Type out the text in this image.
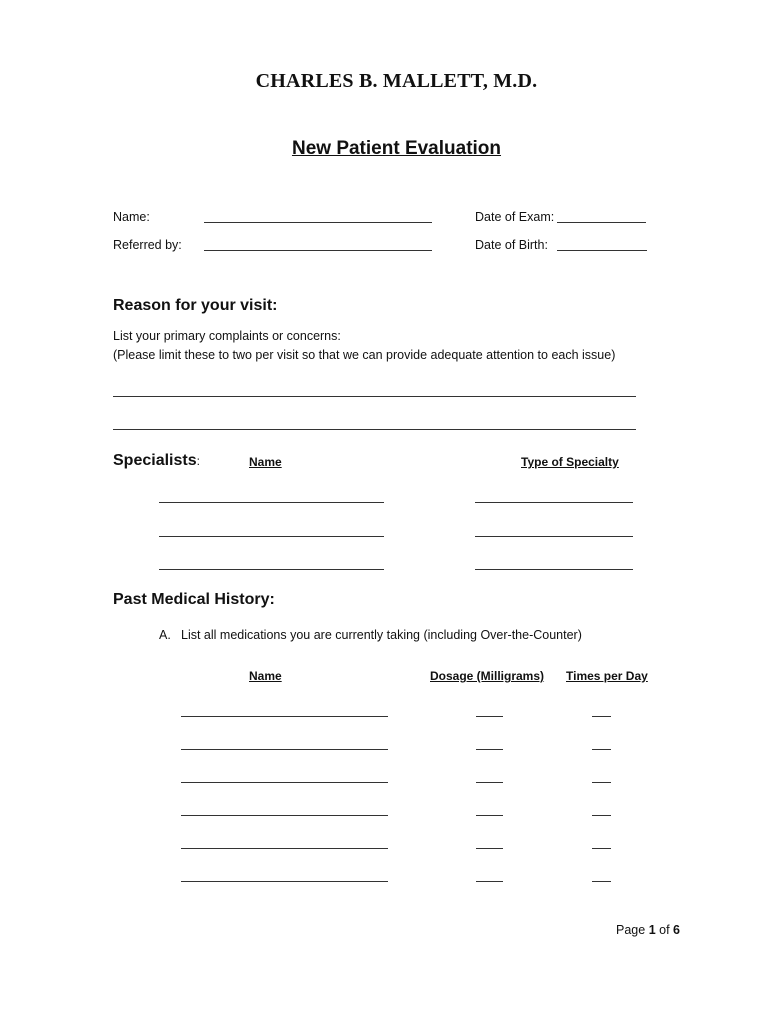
CHARLES B. MALLETT, M.D.
New Patient Evaluation
Name:	Date of Exam:
Referred by:	Date of Birth:
Reason for your visit:
List your primary complaints or concerns:
(Please limit these to two per visit so that we can provide adequate attention to each issue)
Specialists:	Name	Type of Specialty
Past Medical History:
A. List all medications you are currently taking (including Over-the-Counter)
Name	Dosage (Milligrams) Times per Day
Page 1 of 6
